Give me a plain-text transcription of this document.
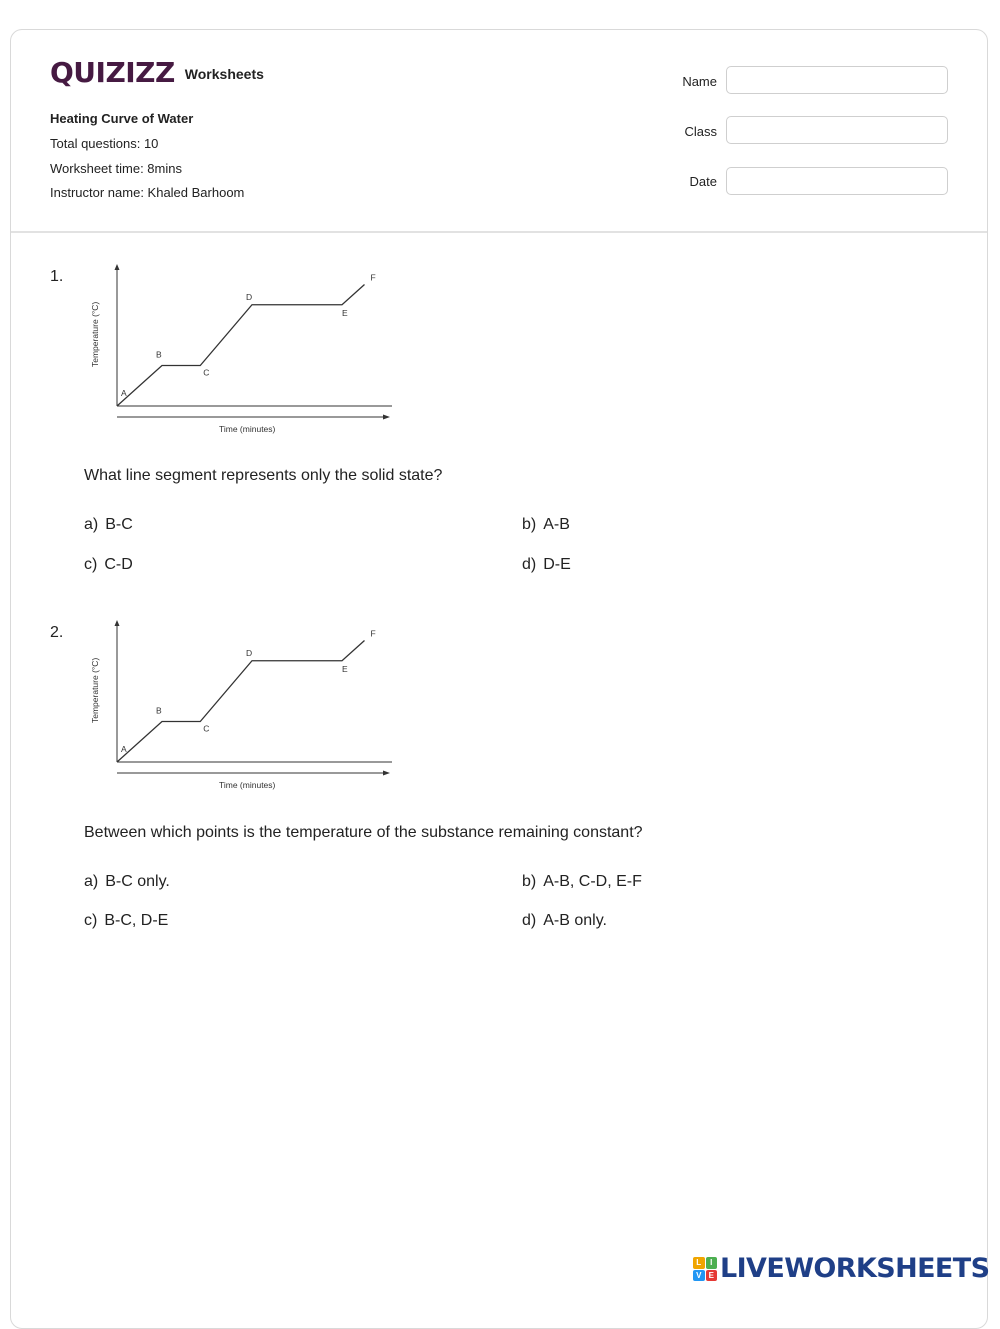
QUIZIZZ Worksheets
Heating Curve of Water
Total questions: 10
Worksheet time: 8mins
Instructor name: Khaled Barhoom
Name
Class
Date
1.
A
B
C
D
E
F
Time (minutes)
Temperature (°C)
What line segment represents only the solid state?
a) B-C	b) A-B
c) C-D	d) D-E
2.
A
B
C
D
E
F
Time (minutes)
Temperature (°C)
Between which points is the temperature of the substance remaining constant?
a) B-C only.	b) A-B, C-D, E-F
c) B-C, D-E	d) A-B only.
L	I
V E LIVEWORKSHEETS
